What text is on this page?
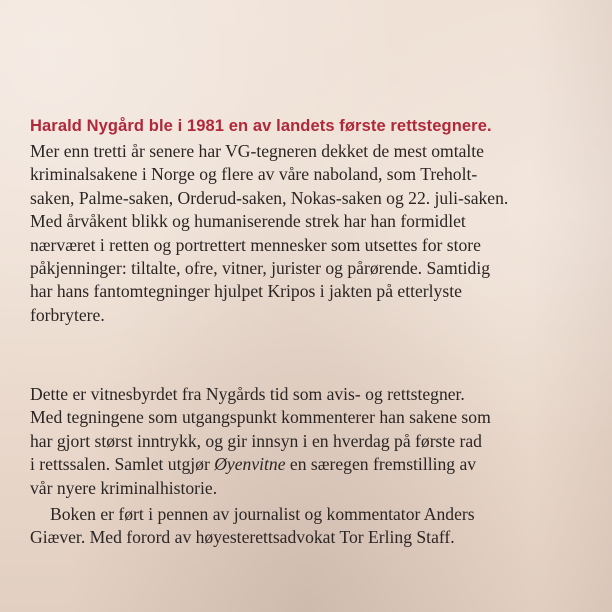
Harald Nygård ble i 1981 en av landets første rettstegnere.
Mer enn tretti år senere har VG-tegneren dekket de mest omtalte
kriminalsakene i Norge og flere av våre naboland, som Treholt-
saken, Palme-saken, Orderud-saken, Nokas-saken og 22. juli-saken.
Med årvåkent blikk og humaniserende strek har han formidlet
nærværet i retten og portrettert mennesker som utsettes for store
påkjenninger: tiltalte, ofre, vitner, jurister og pårørende. Samtidig
har hans fantomtegninger hjulpet Kripos i jakten på etterlyste
forbrytere.
Dette er vitnesbyrdet fra Nygårds tid som avis- og rettstegner.
Med tegningene som utgangspunkt kommenterer han sakene som
har gjort størst inntrykk, og gir innsyn i en hverdag på første rad
i rettssalen. Samlet utgjør Øyenvitne en særegen fremstilling av
vår nyere kriminalhistorie.
Boken er ført i pennen av journalist og kommentator Anders
Giæver. Med forord av høyesterettsadvokat Tor Erling Staff.
